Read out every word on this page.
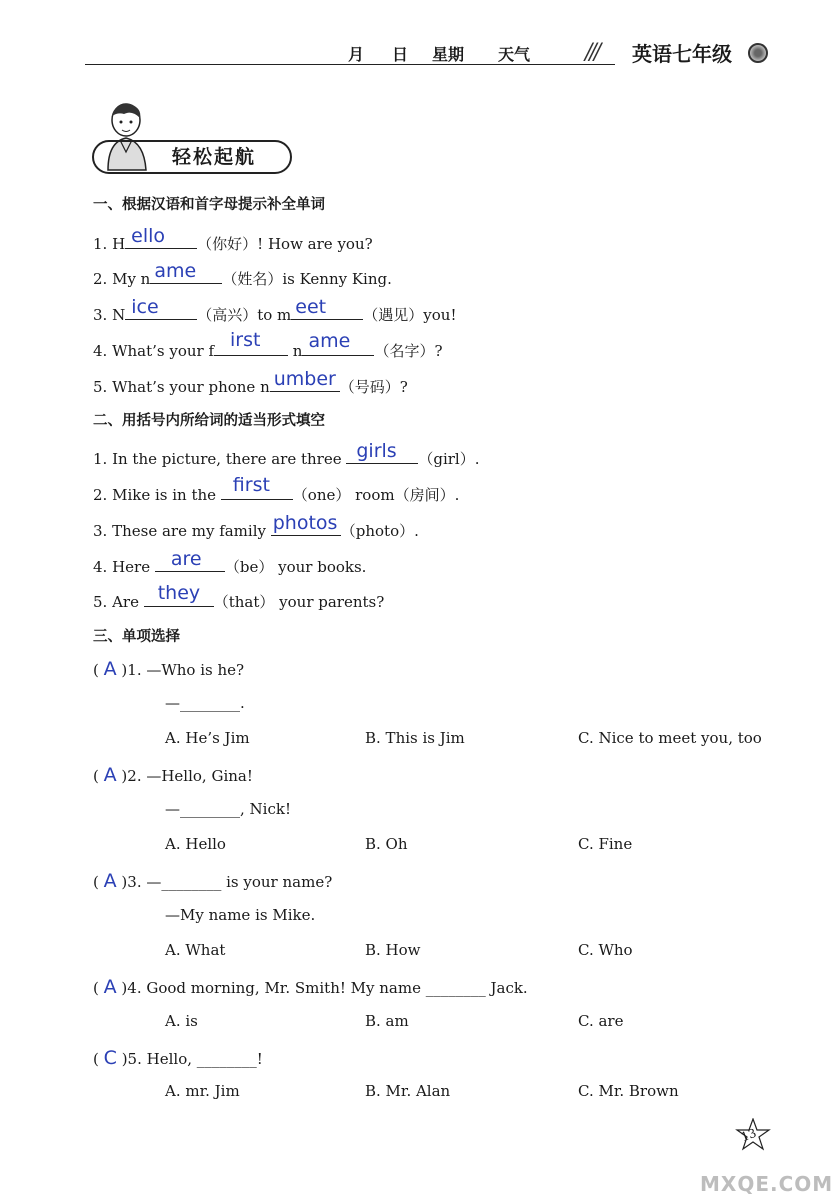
月 日 星期 天气 /// 英语七年级
轻松起航
一、根据汉语和首字母提示补全单词
1. H ello （你好）! How are you?
2. My n ame （姓名）is Kenny King.
3. N ice	（高兴）to m eet （遇见）you!
4. What’s your f irst n ame （名字）?
5. What’s your phone n umber （号码）?
二、用括号内所给词的适当形式填空
1. In the picture, there are three girls （girl）.
2. Mike is in the first （one） room（房间）.
3. These are my family photos （photo）.
4. Here are （be） your books.
5. Are they （that） your parents?
三、单项选择
( A )1. —Who is he?
—________.
A. He’s Jim	B. This is Jim	C. Nice to meet you, too
( A )2. —Hello, Gina!
—________, Nick!
A. Hello	B. Oh	C. Fine
( A )3. —________ is your name?
—My name is Mike.
A. What	B. How	C. Who
( A )4. Good morning, Mr. Smith! My name ________ Jack.
A. is	B. am	C. are
( C )5. Hello, ________!
A. mr. Jim	B. Mr. Alan	C. Mr. Brown
13
MXQE.COM
